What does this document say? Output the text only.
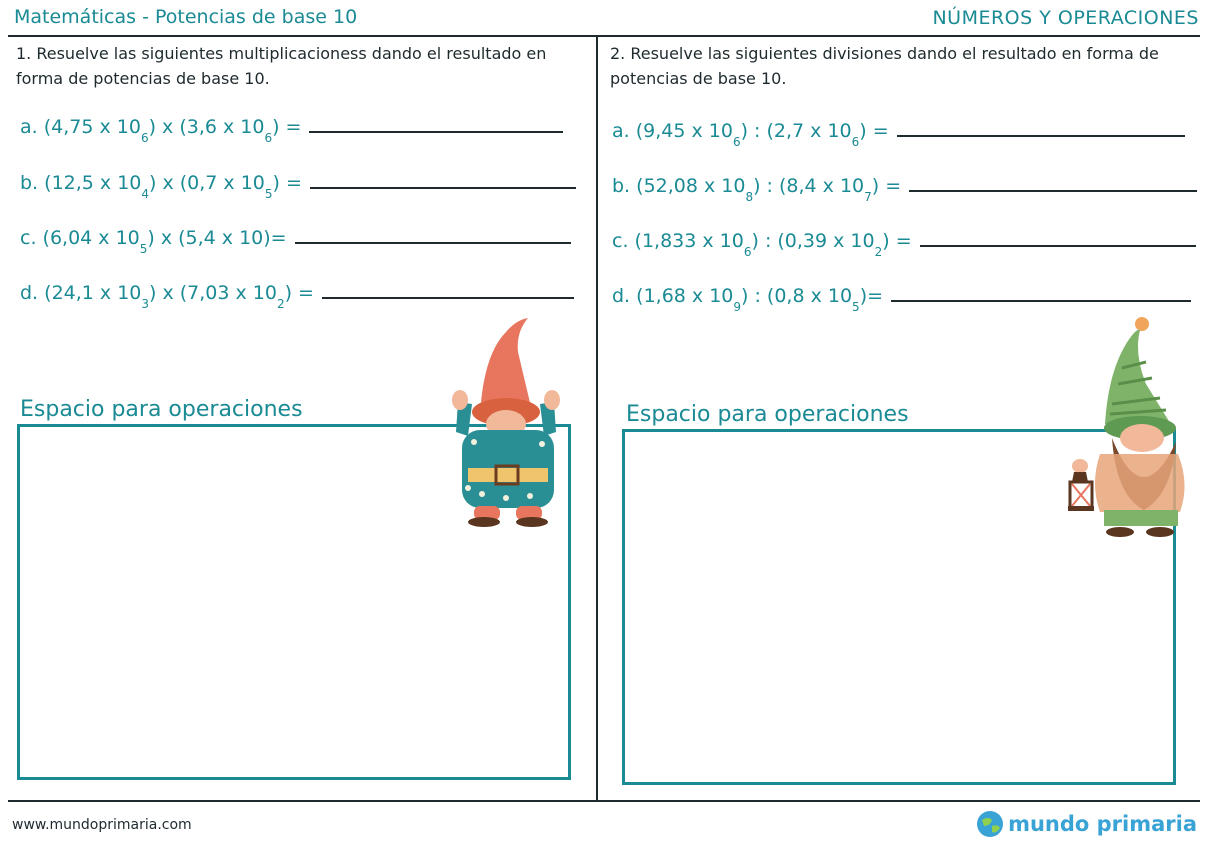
Matemáticas - Potencias de base 10	NÚMEROS Y OPERACIONES
1. Resuelve las siguientes multiplicacioness dando el resultado en forma de potencias de base 10.
a.
(4,75 x 10 6 ) x (3,6 x 10 6 ) =
b.
(12,5 x 10 4 ) x (0,7 x 10 5 ) =
c.
(6,04 x 10 5 ) x (5,4 x 10)=
d.
(24,1 x 10 3 ) x (7,03 x 10 2 ) =
Espacio para operaciones
2. Resuelve las siguientes divisiones dando el resultado en forma de potencias de base 10.
a.
(9,45 x 10 6 ) : (2,7 x 10 6 ) =
b.
(52,08 x 10 8 ) : (8,4 x 10 7 ) =
c.
(1,833 x 10 6 ) : (0,39 x 10 2 ) =
d.
(1,68 x 10 9 ) : (0,8 x 10 5 )=
Espacio para operaciones
www.mundoprimaria.com	mundo primaria
